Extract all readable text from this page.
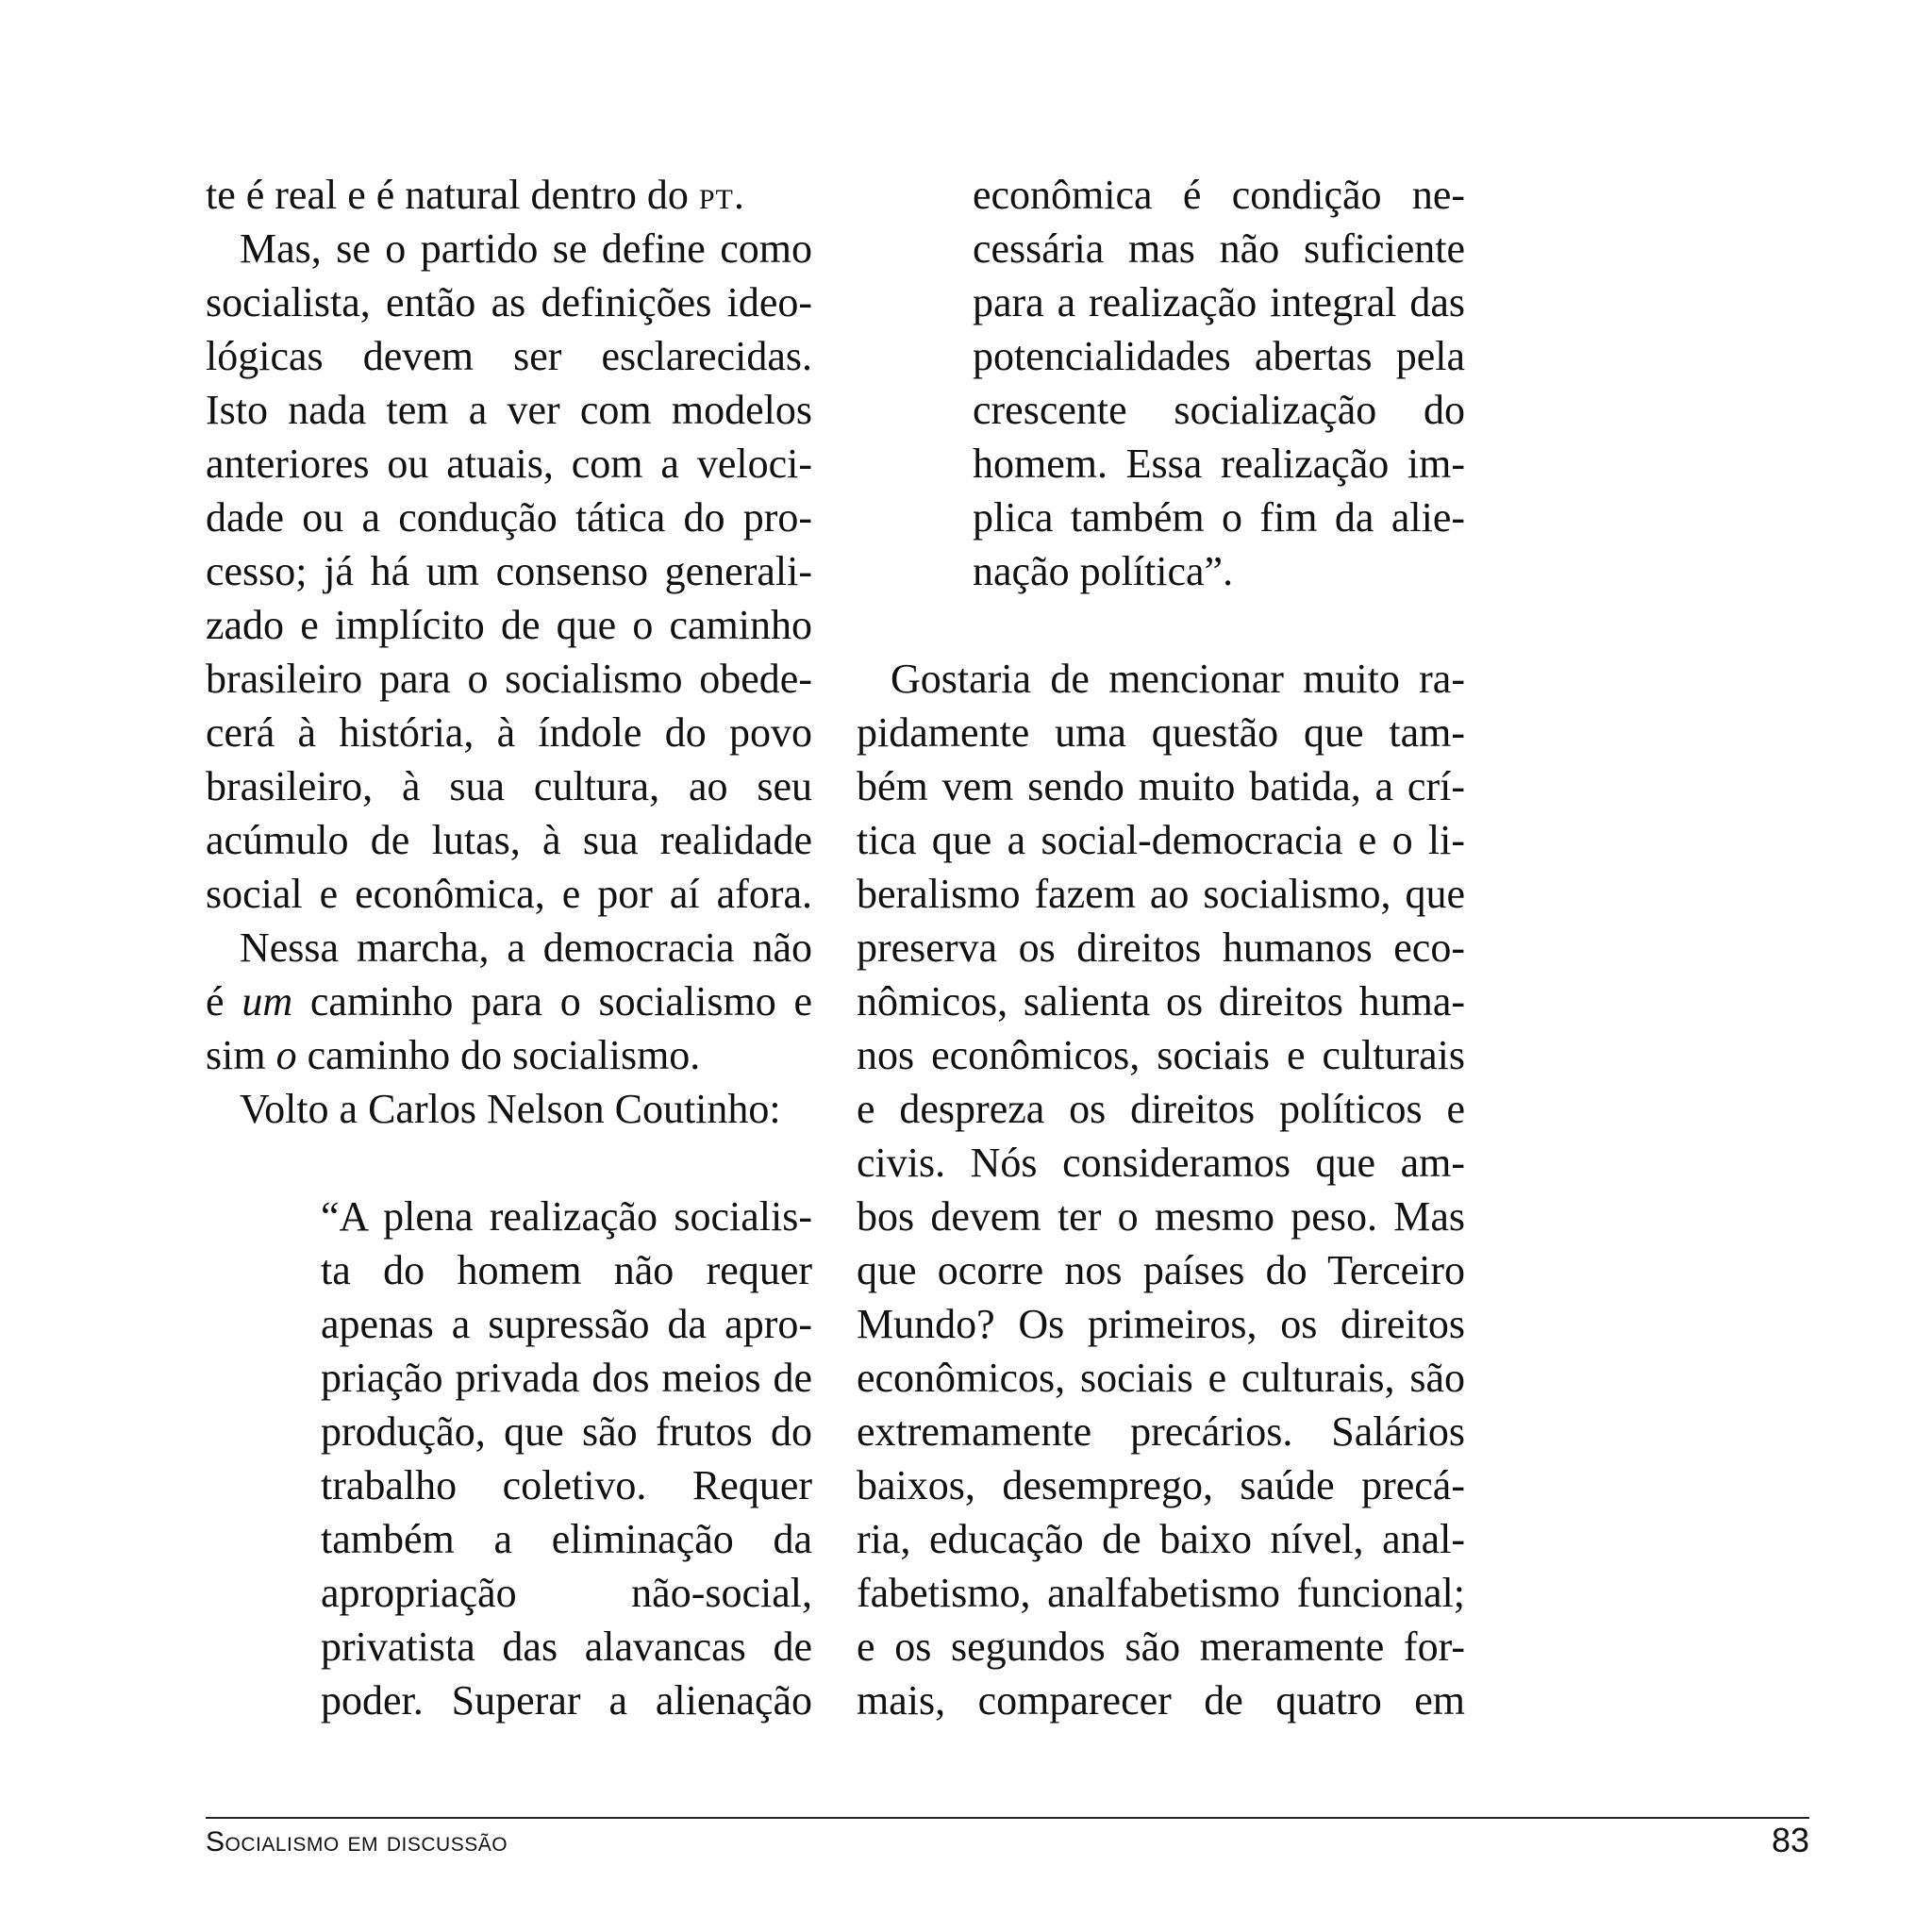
te é real e é natural dentro do PT.
Mas, se o partido se define como
socialista, então as definições ideo-
lógicas devem ser esclarecidas.
Isto nada tem a ver com modelos
anteriores ou atuais, com a veloci-
dade ou a condução tática do pro-
cesso; já há um consenso generali-
zado e implícito de que o caminho
brasileiro para o socialismo obede-
cerá à história, à índole do povo
brasileiro, à sua cultura, ao seu
acúmulo de lutas, à sua realidade
social e econômica, e por aí afora.
Nessa marcha, a democracia não
é um caminho para o socialismo e
sim o caminho do socialismo.
Volto a Carlos Nelson Coutinho:
“A plena realização socialis-
ta do homem não requer
apenas a supressão da apro-
priação privada dos meios de
produção, que são frutos do
trabalho coletivo. Requer
também a eliminação da
apropriação não-social,
privatista das alavancas de
poder. Superar a alienação
econômica é condição ne-
cessária mas não suficiente
para a realização integral das
potencialidades abertas pela
crescente socialização do
homem. Essa realização im-
plica também o fim da alie-
nação política”.
Gostaria de mencionar muito ra-
pidamente uma questão que tam-
bém vem sendo muito batida, a crí-
tica que a social-democracia e o li-
beralismo fazem ao socialismo, que
preserva os direitos humanos eco-
nômicos, salienta os direitos huma-
nos econômicos, sociais e culturais
e despreza os direitos políticos e
civis. Nós consideramos que am-
bos devem ter o mesmo peso. Mas
que ocorre nos países do Terceiro
Mundo? Os primeiros, os direitos
econômicos, sociais e culturais, são
extremamente precários. Salários
baixos, desemprego, saúde precá-
ria, educação de baixo nível, anal-
fabetismo, analfabetismo funcional;
e os segundos são meramente for-
mais, comparecer de quatro em
Socialismo em discussão	83
